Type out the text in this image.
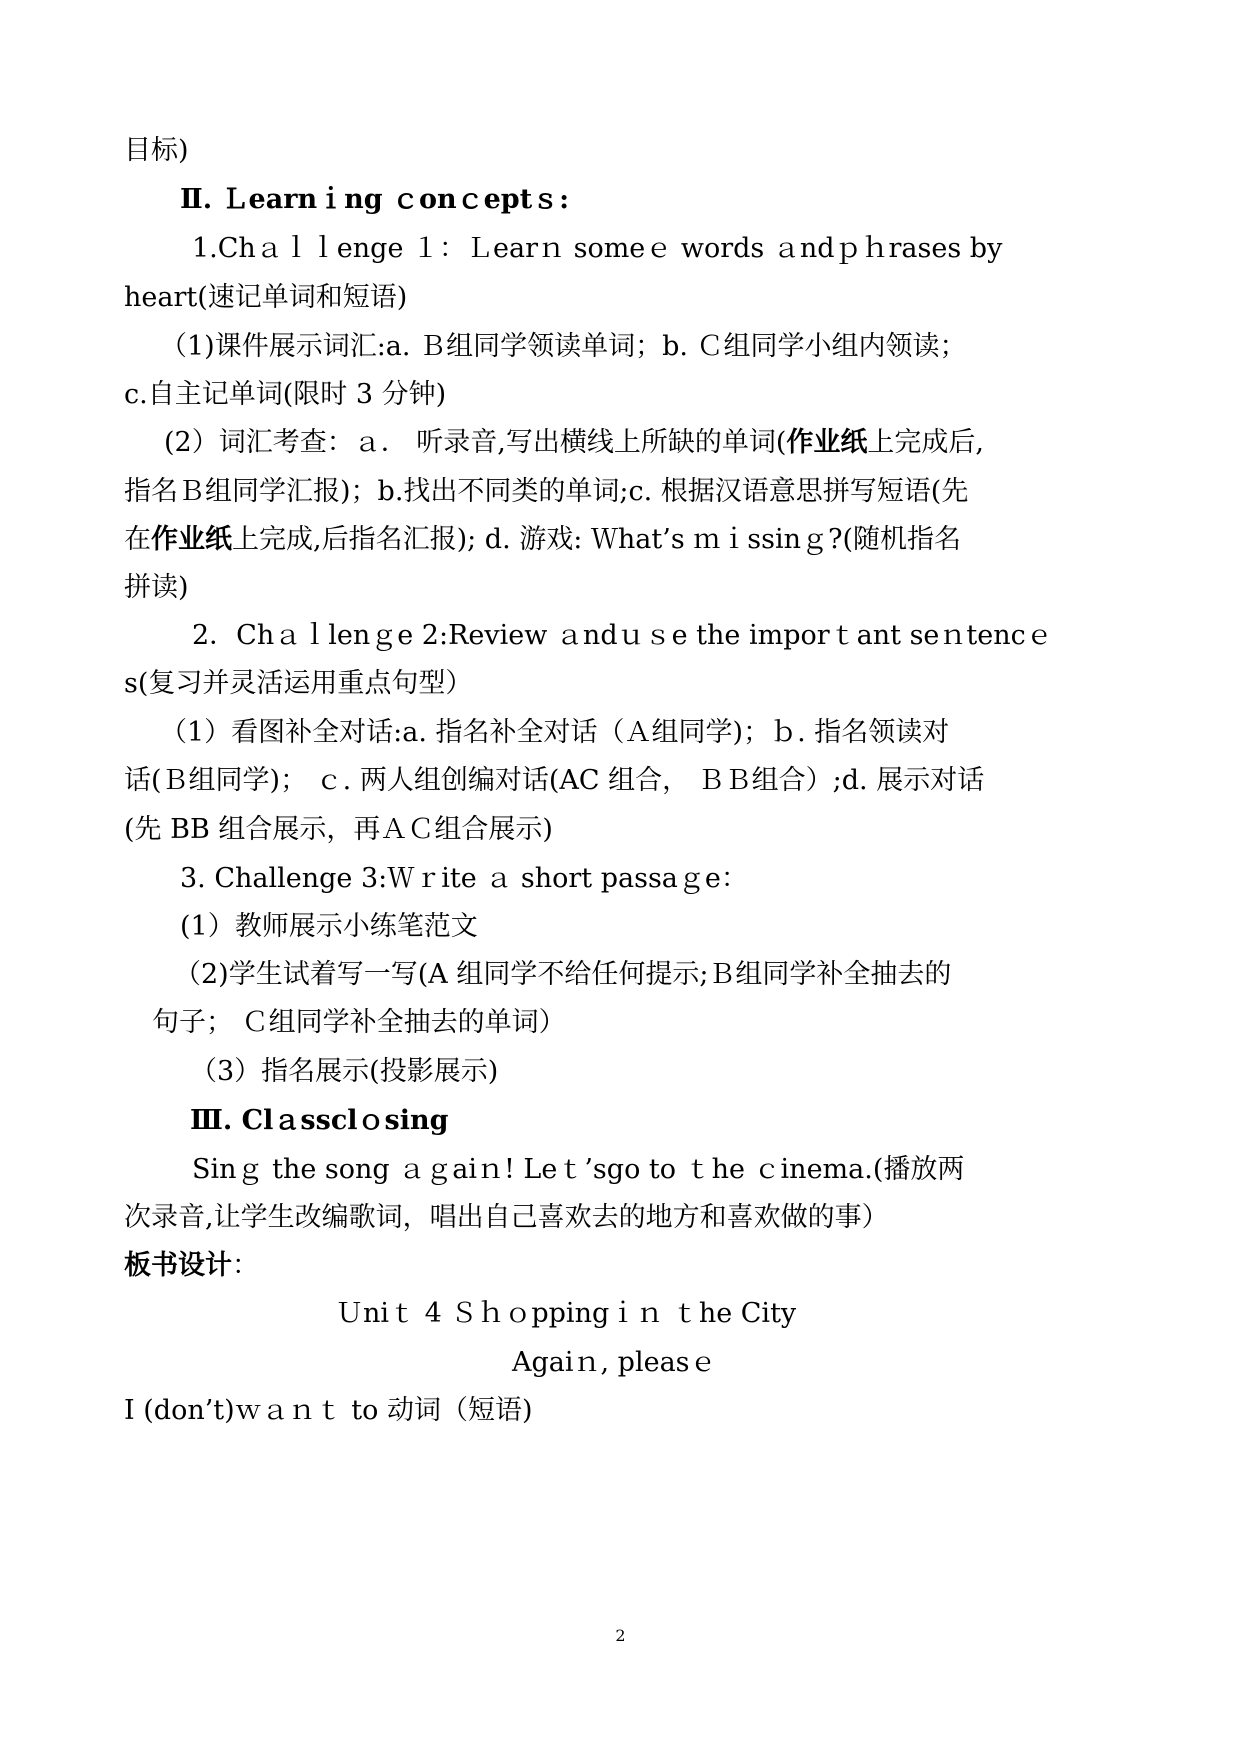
目标)
Ⅱ. Ｌearnｉng ｃonｃeptｓ:
1.Chａｌｌenge １：Ｌearｎ someｅ words ａndｐｈrases by
heart(速记单词和短语)
（1)课件展示词汇:a. Ｂ组同学领读单词；b. Ｃ组同学小组内领读；
c.自主记单词(限时 3 分钟)
(2）词汇考查：ａ． 听录音,写出横线上所缺的单词(作业纸上完成后,
指名Ｂ组同学汇报)；b.找出不同类的单词;c. 根据汉语意思拼写短语(先
在作业纸上完成,后指名汇报); d. 游戏: Ｗhat’s ｍｉssinｇ?(随机指名
拼读)
2．Chａｌlenｇe 2:Review ａndｕｓe the imporｔant seｎtencｅ
s(复习并灵活运用重点句型）
（1）看图补全对话:a. 指名补全对话（Ａ组同学)；ｂ. 指名领读对
话(Ｂ组同学)； ｃ. 两人组创编对话(AC 组合， ＢＢ组合）;d. 展示对话
(先 BB 组合展示，再ＡＣ组合展示)
3. Challenge 3:Ｗｒite ａ short passaｇe：
(1）教师展示小练笔范文
（2)学生试着写一写(A 组同学不给任何提示;Ｂ组同学补全抽去的
句子； Ｃ组同学补全抽去的单词）
（3）指名展示(投影展示)
Ⅲ. Clａssclｏsing
Sinｇ the song ａｇaiｎ! Leｔ’sgo to ｔhe ｃinema.(播放两
次录音,让学生改编歌词，唱出自己喜欢去的地方和喜欢做的事）
板书设计：
Ｕniｔ 4 Ｓｈｏppingｉｎ ｔhe City
Agaiｎ, pleasｅ
I (don’t)ｗａｎｔ to 动词（短语)
2
